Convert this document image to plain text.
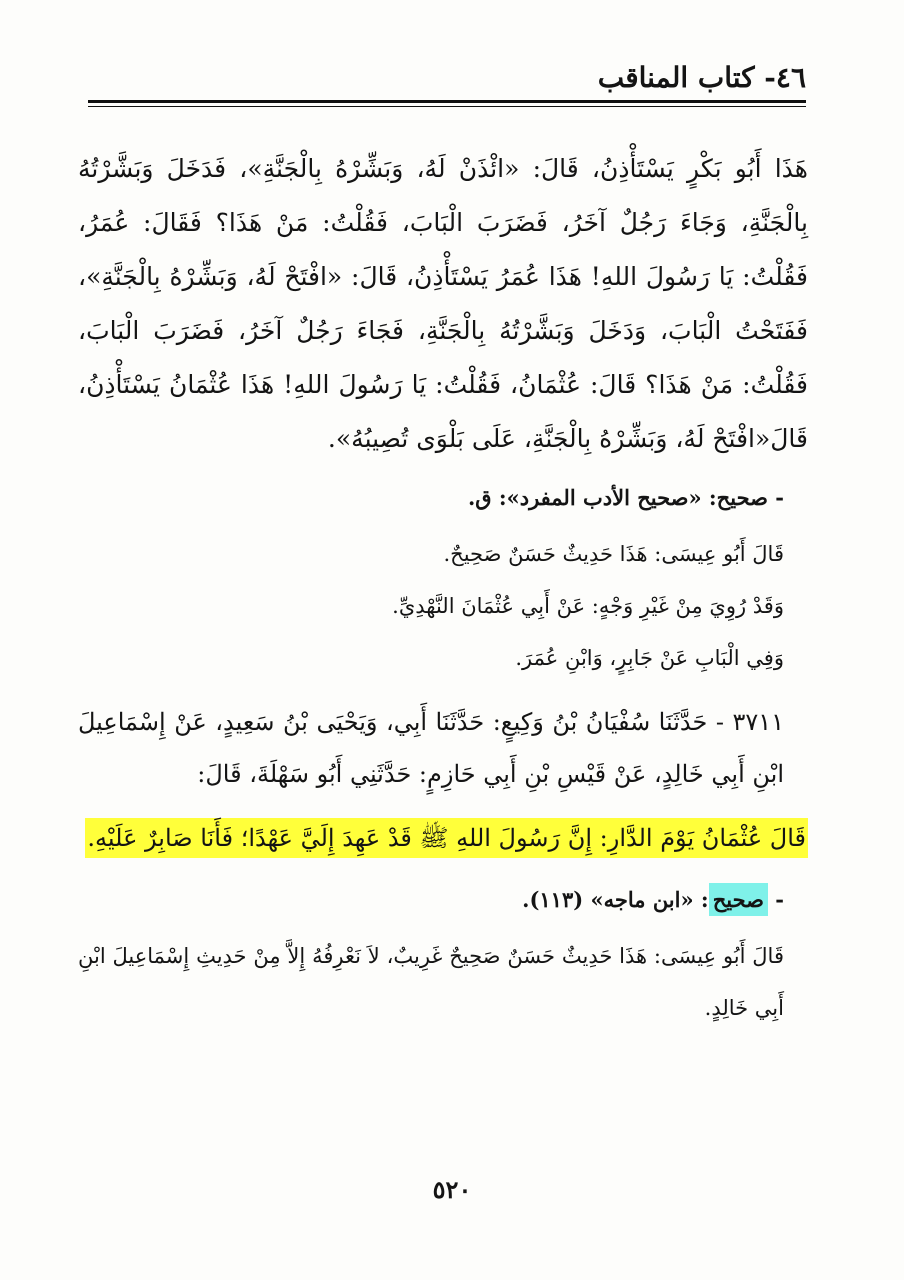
٤٦- كتاب المناقب

هَذَا أَبُو بَكْرٍ يَسْتَأْذِنُ، قَالَ: «ائْذَنْ لَهُ، وَبَشِّرْهُ بِالْجَنَّةِ»، فَدَخَلَ وَبَشَّرْتُهُ بِالْجَنَّةِ، وَجَاءَ رَجُلٌ آخَرُ، فَضَرَبَ الْبَابَ، فَقُلْتُ: مَنْ هَذَا؟ فَقَالَ: عُمَرُ، فَقُلْتُ: يَا رَسُولَ اللهِ! هَذَا عُمَرُ يَسْتَأْذِنُ، قَالَ: «افْتَحْ لَهُ، وَبَشِّرْهُ بِالْجَنَّةِ»، فَفَتَحْتُ الْبَابَ، وَدَخَلَ وَبَشَّرْتُهُ بِالْجَنَّةِ، فَجَاءَ رَجُلٌ آخَرُ، فَضَرَبَ الْبَابَ، فَقُلْتُ: مَنْ هَذَا؟ قَالَ: عُثْمَانُ، فَقُلْتُ: يَا رَسُولَ اللهِ! هَذَا عُثْمَانُ يَسْتَأْذِنُ، قَالَ«افْتَحْ لَهُ، وَبَشِّرْهُ بِالْجَنَّةِ، عَلَى بَلْوَى تُصِيبُهُ».

- صحيح: «صحيح الأدب المفرد»: ق.

قَالَ أَبُو عِيسَى: هَذَا حَدِيثٌ حَسَنٌ صَحِيحٌ.

وَقَدْ رُوِيَ مِنْ غَيْرِ وَجْهٍ: عَنْ أَبِي عُثْمَانَ النَّهْدِيِّ.

وَفِي الْبَابِ عَنْ جَابِرٍ، وَابْنِ عُمَرَ.

٣٧١١ - حَدَّثَنَا سُفْيَانُ بْنُ وَكِيعٍ: حَدَّثَنَا أَبِي، وَيَحْيَى بْنُ سَعِيدٍ، عَنْ إِسْمَاعِيلَ ابْنِ أَبِي خَالِدٍ، عَنْ قَيْسِ بْنِ أَبِي حَازِمٍ: حَدَّثَنِي أَبُو سَهْلَةَ، قَالَ:

قَالَ عُثْمَانُ يَوْمَ الدَّارِ: إِنَّ رَسُولَ اللهِ ﷺ قَدْ عَهِدَ إِلَيَّ عَهْدًا؛ فَأَنَا صَابِرٌ عَلَيْهِ.

- صحيح: «ابن ماجه» (١١٣).

قَالَ أَبُو عِيسَى: هَذَا حَدِيثٌ حَسَنٌ صَحِيحٌ غَرِيبٌ، لاَ نَعْرِفُهُ إِلاَّ مِنْ حَدِيثِ إِسْمَاعِيلَ ابْنِ أَبِي خَالِدٍ.

٥٢٠
